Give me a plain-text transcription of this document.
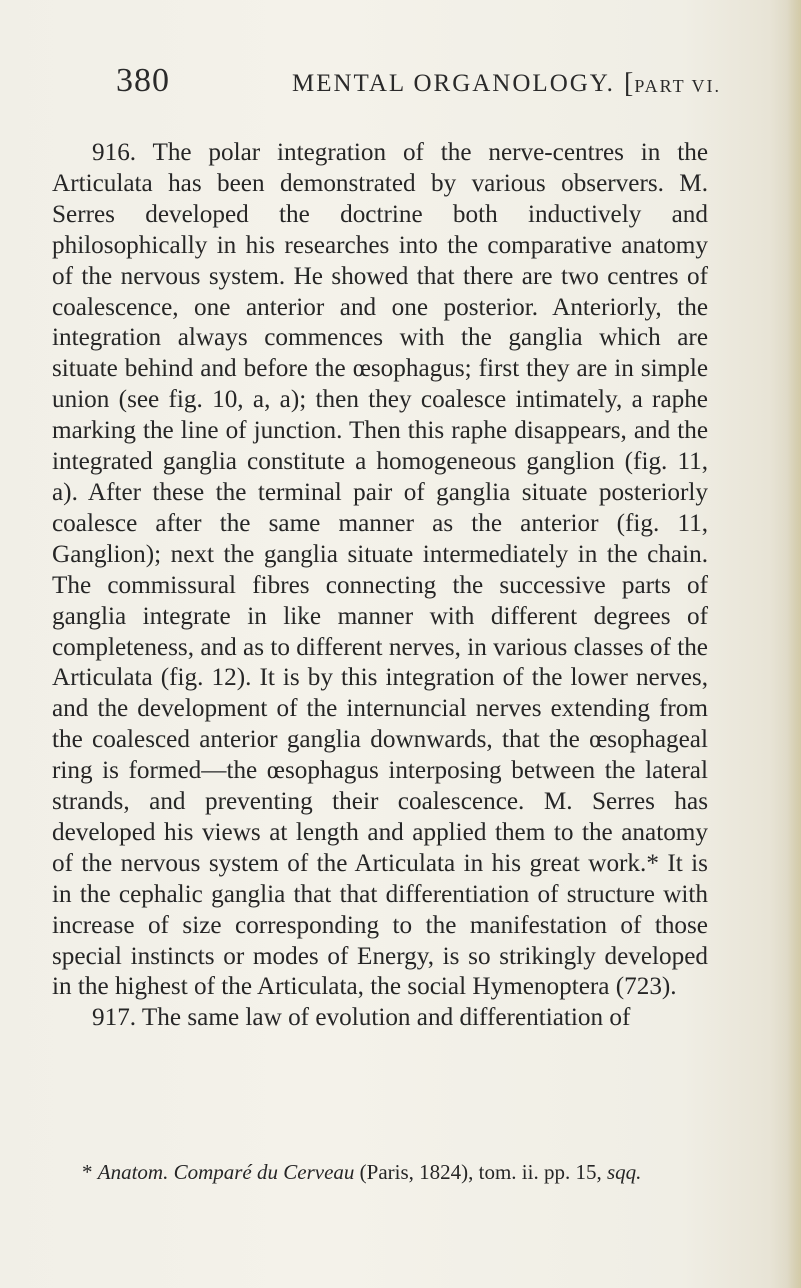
380	MENTAL ORGANOLOGY. [PART VI.

916. The polar integration of the nerve-centres in the Articulata has been demonstrated by various observers. M. Serres developed the doctrine both inductively and philosophically in his researches into the comparative anatomy of the nervous system. He showed that there are two centres of coalescence, one anterior and one posterior. Anteriorly, the integration always commences with the ganglia which are situate behind and before the œsophagus; first they are in simple union (see fig. 10, a, a); then they coalesce intimately, a raphe marking the line of junction. Then this raphe disappears, and the integrated ganglia constitute a homogeneous ganglion (fig. 11, a). After these the terminal pair of ganglia situate posteriorly coalesce after the same manner as the anterior (fig. 11, Ganglion); next the ganglia situate intermediately in the chain. The commissural fibres connecting the successive parts of ganglia integrate in like manner with different degrees of completeness, and as to different nerves, in various classes of the Articulata (fig. 12). It is by this integration of the lower nerves, and the development of the internuncial nerves extending from the coalesced anterior ganglia downwards, that the œsophageal ring is formed—the œsophagus interposing between the lateral strands, and preventing their coalescence. M. Serres has developed his views at length and applied them to the anatomy of the nervous system of the Articulata in his great work.* It is in the cephalic ganglia that that differentiation of structure with increase of size corresponding to the manifestation of those special instincts or modes of Energy, is so strikingly developed in the highest of the Articulata, the social Hymenoptera (723).

917. The same law of evolution and differentiation of

* Anatom. Comparé du Cerveau (Paris, 1824), tom. ii. pp. 15, sqq.
